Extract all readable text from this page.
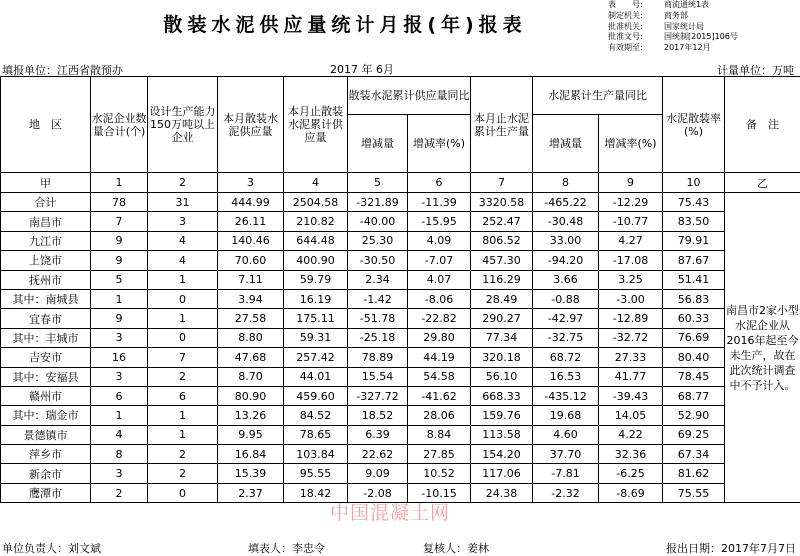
散装水泥供应量统计月报(年)报表
表　　号:	商流通统1表
制定机关:	商务部
批准机关:	国家统计局
批准文号:	国统制[2015]106号
有效期至:	2017年12月
填报单位：江西省散预办	2017 年 6月	计量单位：万吨
地　区	水泥企业数量合计(个)	设计生产能力150万吨以上企业	本月散装水泥供应量	本月止散装水泥累计供应量	散装水泥累计供应量同比		本月止水泥累计生产量	水泥累计生产量同比		水泥散装率(%)	备　注
					增减量	增减率(%)		增减量	增减率(%)		
甲	1	2	3	4	5	6	7	8	9	10	乙
合计	78	31	444.99	2504.58	-321.89	-11.39	3320.58	-465.22	-12.29	75.43	南昌市2家小型水泥企业从2016年起至今未生产，故在此次统计调查中不予计入。
南昌市	7	3	26.11	210.82	-40.00	-15.95	252.47	-30.48	-10.77	83.50	
九江市	9	4	140.46	644.48	25.30	4.09	806.52	33.00	4.27	79.91	
上饶市	9	4	70.60	400.90	-30.50	-7.07	457.30	-94.20	-17.08	87.67	
抚州市	5	1	7.11	59.79	2.34	4.07	116.29	3.66	3.25	51.41	
其中：南城县	1	0	3.94	16.19	-1.42	-8.06	28.49	-0.88	-3.00	56.83	
宜春市	9	1	27.58	175.11	-51.78	-22.82	290.27	-42.97	-12.89	60.33	
其中：丰城市	3	0	8.80	59.31	-25.18	29.80	77.34	-32.75	-32.72	76.69	
吉安市	16	7	47.68	257.42	78.89	44.19	320.18	68.72	27.33	80.40	
其中：安福县	3	2	8.70	44.01	15.54	54.58	56.10	16.53	41.77	78.45	
赣州市	6	6	80.90	459.60	-327.72	-41.62	668.33	-435.12	-39.43	68.77	
其中：瑞金市	1	1	13.26	84.52	18.52	28.06	159.76	19.68	14.05	52.90	
景德镇市	4	1	9.95	78.65	6.39	8.84	113.58	4.60	4.22	69.25	
萍乡市	8	2	16.84	103.84	22.62	27.85	154.20	37.70	32.36	67.34	
新余市	3	2	15.39	95.55	9.09	10.52	117.06	-7.81	-6.25	81.62	
鹰潭市	2	0	2.37	18.42	-2.08	-10.15	24.38	-2.32	-8.69	75.55	
中国混凝土网
单位负责人：刘文斌	填表人：李忠令	复核人：姜林	报出日期：2017年7月7日
